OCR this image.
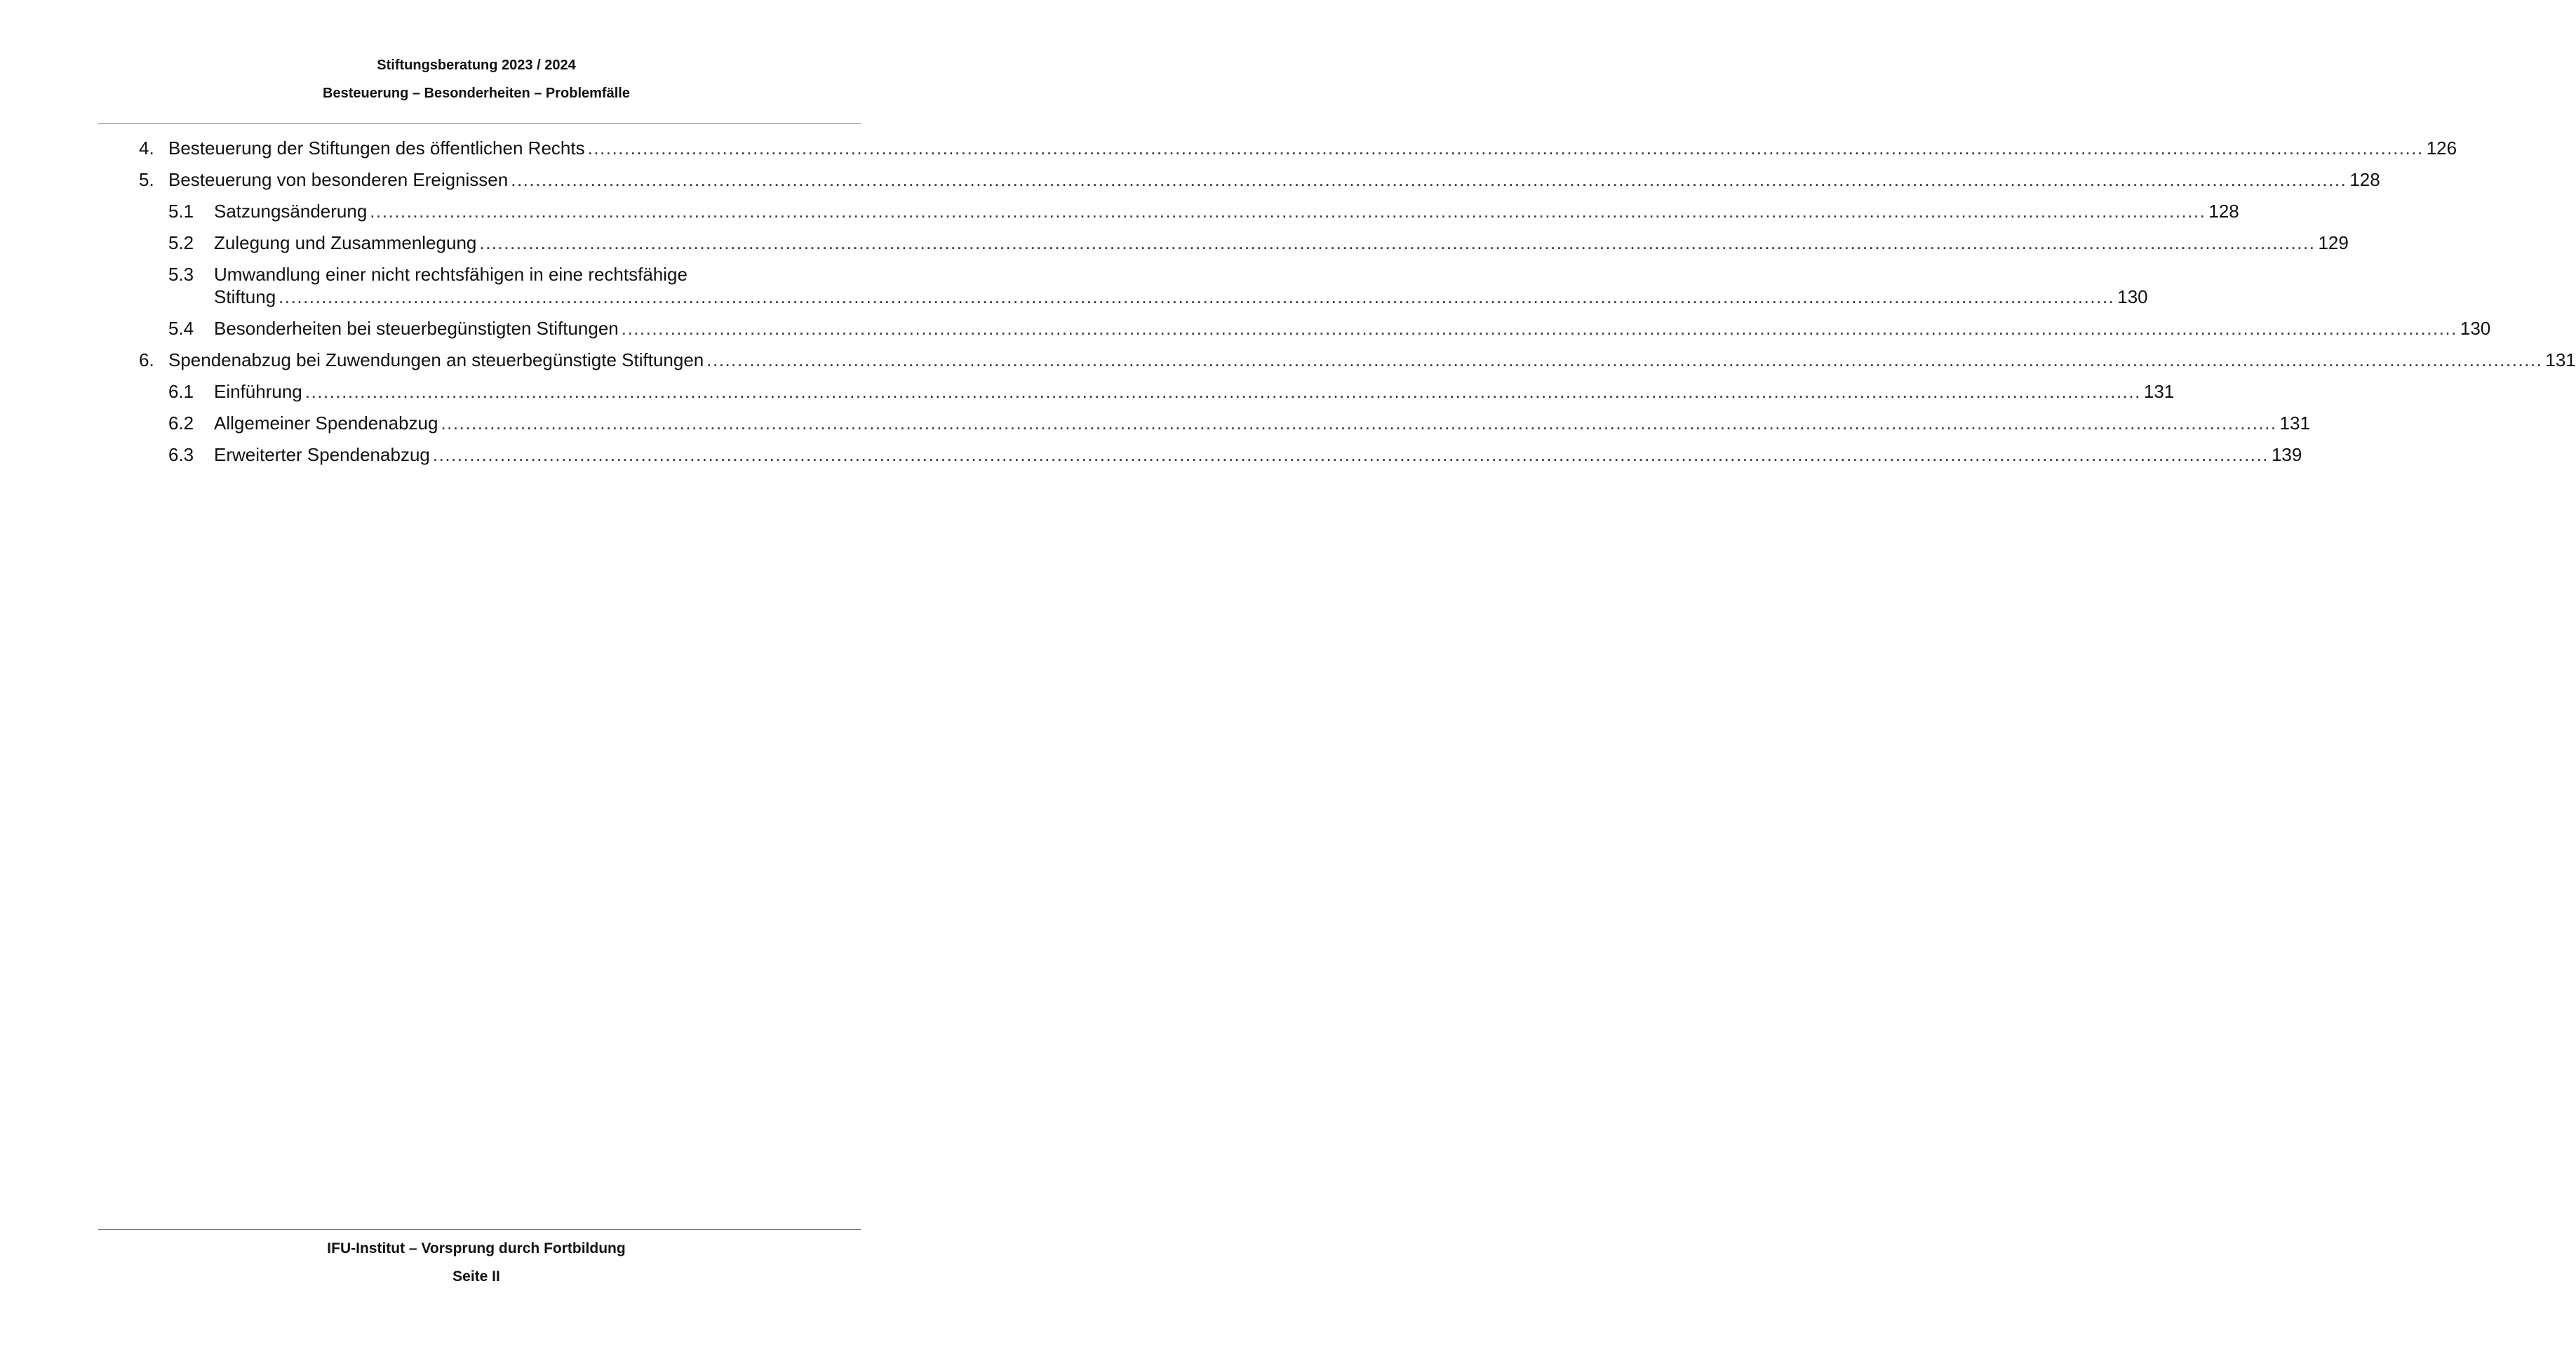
Stiftungsberatung 2023 / 2024
Besteuerung – Besonderheiten – Problemfälle
4. Besteuerung der Stiftungen des öffentlichen Rechts ............................................................................................................................................................................................................................................................................................................ 126
5. Besteuerung von besonderen Ereignissen ............................................................................................................................................................................................................................................................................................................ 128
5.1 Satzungsänderung ............................................................................................................................................................................................................................................................................................................ 128
5.2 Zulegung und Zusammenlegung ............................................................................................................................................................................................................................................................................................................ 129
5.3 Umwandlung einer nicht rechtsfähigen in eine rechtsfähige
Stiftung ............................................................................................................................................................................................................................................................................................................ 130
5.4 Besonderheiten bei steuerbegünstigten Stiftungen ............................................................................................................................................................................................................................................................................................................ 130
6. Spendenabzug bei Zuwendungen an steuerbegünstigte Stiftungen ............................................................................................................................................................................................................................................................................................................ 131
6.1 Einführung ............................................................................................................................................................................................................................................................................................................ 131
6.2 Allgemeiner Spendenabzug ............................................................................................................................................................................................................................................................................................................ 131
6.3 Erweiterter Spendenabzug ............................................................................................................................................................................................................................................................................................................ 139
IFU-Institut – Vorsprung durch Fortbildung
Seite II
